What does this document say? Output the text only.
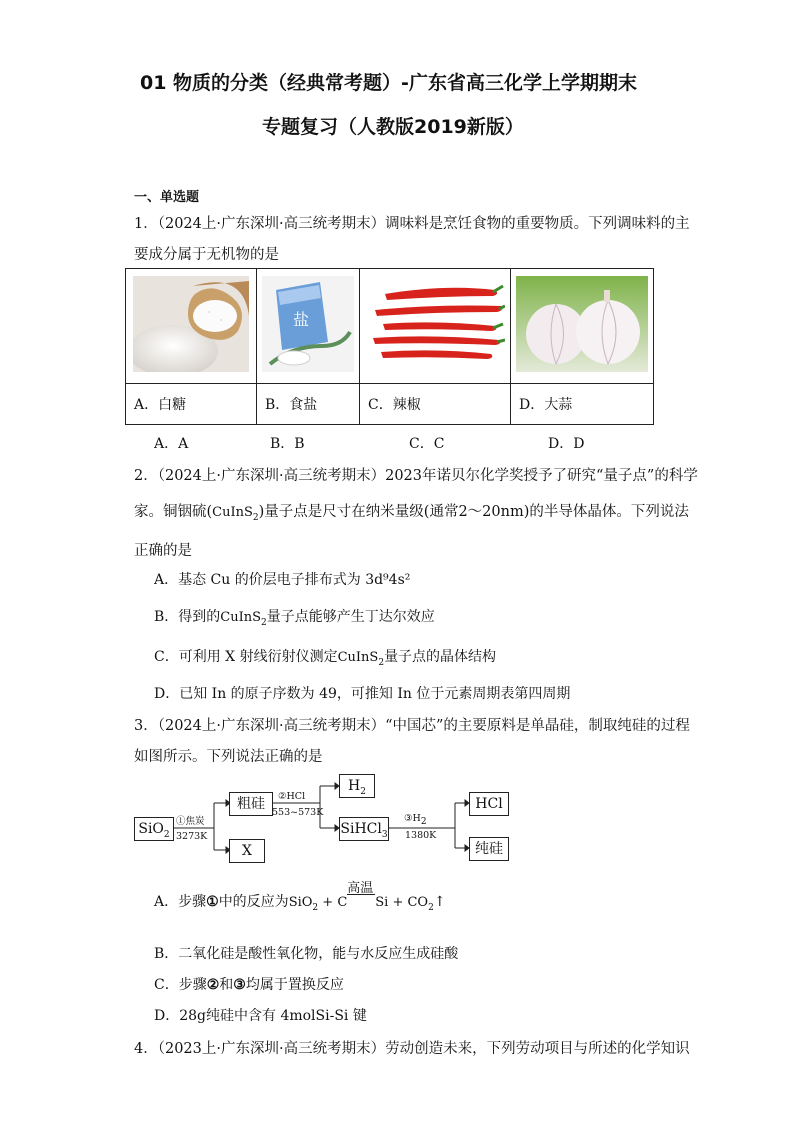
01 物质的分类（经典常考题）-广东省高三化学上学期期末
专题复习（人教版2019新版）
一、单选题
1．（2024上·广东深圳·高三统考期末）调味料是烹饪食物的重要物质。下列调味料的主
要成分属于无机物的是

盐

A．白糖	B．食盐	C．辣椒	D．大蒜
A．A	B．B	C．C	D．D
2．（2024上·广东深圳·高三统考期末）2023年诺贝尔化学奖授予了研究“量子点”的科学
家。铜铟硫(CuInS$_2$)量子点是尺寸在纳米量级(通常2～20nm)的半导体晶体。下列说法
正确的是
A．基态 Cu 的价层电子排布式为 3d⁹4s²
B．得到的CuInS$_2$量子点能够产生丁达尔效应
C．可利用 X 射线衍射仪测定CuInS$_2$量子点的晶体结构
D．已知 In 的原子序数为 49，可推知 In 位于元素周期表第四周期
3．（2024上·广东深圳·高三统考期末）“中国芯”的主要原料是单晶硅，制取纯硅的过程
如图所示。下列说法正确的是
SiO$_2$
粗硅
X
$H_2$
SiHCl$_3$
HCl
纯硅
①焦炭
3273K
②HCl
553~573K
$③H_2$
1380K
A．步骤①中的反应为SiO$_2$ + C
高温
$Si + CO_2↑$
B．二氧化硅是酸性氧化物，能与水反应生成硅酸
C．步骤②和③均属于置换反应
D．28g纯硅中含有 4molSi-Si 键
4．（2023上·广东深圳·高三统考期末）劳动创造未来，下列劳动项目与所述的化学知识
